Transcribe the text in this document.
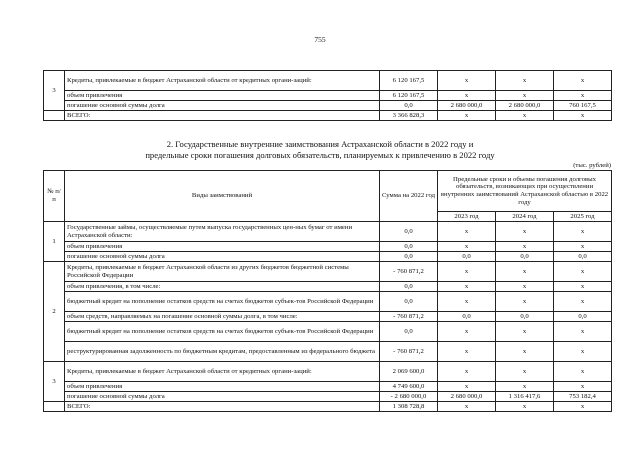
755
3	Кредиты, привлекаемые в бюджет Астраханской области от кредитных органи-заций:	6 120 167,5	х	х	х
	объем привлечения	6 120 167,5	х	х	х
	погашение основной суммы долга	0,0	2 680 000,0	2 680 000,0	760 167,5
	ВСЕГО:	3 366 828,3	х	х	х
2. Государственные внутренние заимствования Астраханской области в 2022 году и
предельные сроки погашения долговых обязательств, планируемых к привлечению в 2022 году
(тыс. рублей)
№ п/п	Виды заимствований	Сумма на 2022 год	Предельные сроки и объемы погашения долговых обязательств, возникающих при осуществлении внутренних заимствований Астраханской областью в 2022 году		
			2023 год	2024 год	2025 год
1	Государственные займы, осуществляемые путем выпуска государственных цен-ных бумаг от имени Астраханской области:	0,0	х	х	х
	объем привлечения	0,0	х	х	х
	погашение основной суммы долга	0,0	0,0	0,0	0,0
2	Кредиты, привлекаемые в бюджет Астраханской области из других бюджетов бюджетной системы Российской Федерации	- 760 871,2	х	х	х
	объем привлечения, в том числе:	0,0	х	х	х
	бюджетный кредит на пополнение остатков средств на счетах бюджетов субъек-тов Российской Федерации	0,0	х	х	х
	объем средств, направляемых на погашение основной суммы долга, в том числе:	- 760 871,2	0,0	0,0	0,0
	бюджетный кредит на пополнение остатков средств на счетах бюджетов субъек-тов Российской Федерации	0,0	х	х	х
	реструктурированная задолженность по бюджетным кредитам, предоставленным из федерального бюджета	- 760 871,2	х	х	х
3	Кредиты, привлекаемые в бюджет Астраханской области от кредитных органи-заций:	2 069 600,0	х	х	х
	объем привлечения	4 749 600,0	х	х	х
	погашение основной суммы долга	- 2 680 000,0	2 680 000,0	1 316 417,6	753 182,4
	ВСЕГО:	1 308 728,8	х	х	х
